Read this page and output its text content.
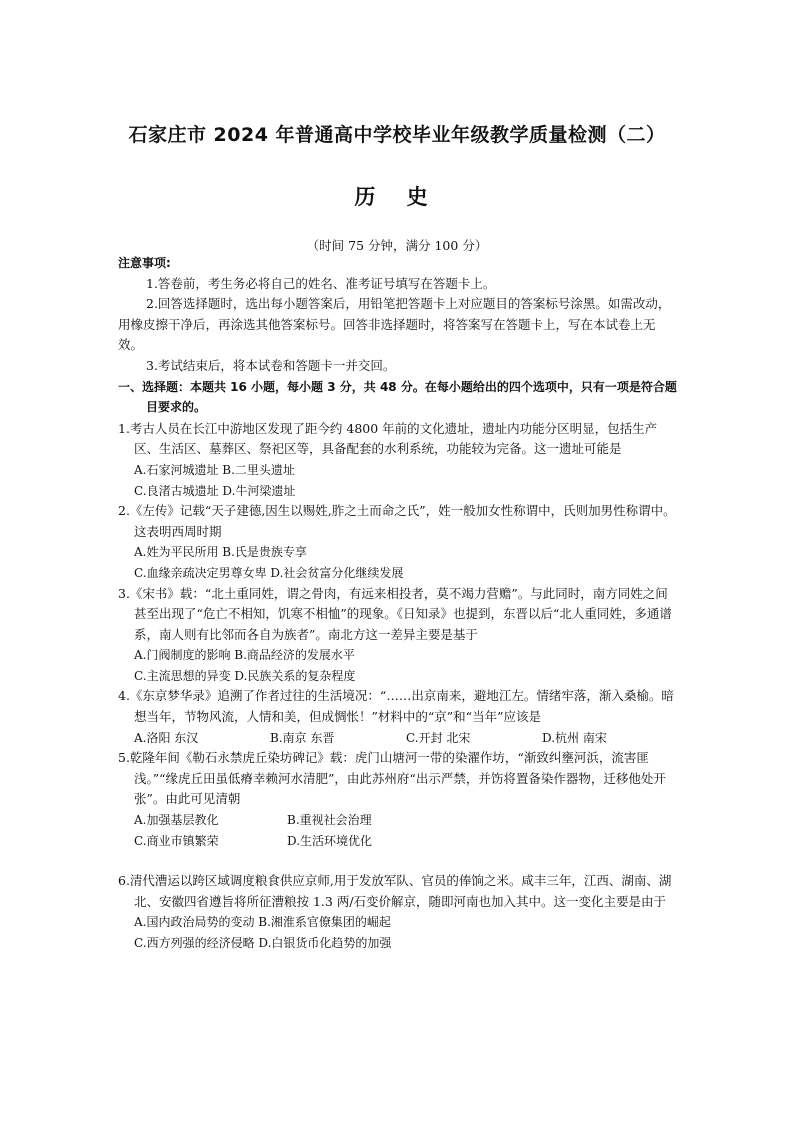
石家庄市 2024 年普通高中学校毕业年级教学质量检测（二）
历 史
（时间 75 分钟，满分 100 分）
注意事项:

1.答卷前，考生务必将自己的姓名、准考证号填写在答题卡上。

2.回答选择题时，选出每小题答案后，用铅笔把答题卡上对应题目的答案标号涂黑。如需改动，用橡皮擦干净后，再涂选其他答案标号。回答非选择题时，将答案写在答题卡上，写在本试卷上无效。

3.考试结束后，将本试卷和答题卡一并交回。

一、选择题：本题共 16 小题，每小题 3 分，共 48 分。在每小题给出的四个选项中，只有一项是符合题目要求的。

1.考古人员在长江中游地区发现了距今约 4800 年前的文化遗址，遗址内功能分区明显，包括生产区、生活区、墓葬区、祭祀区等，具备配套的水利系统，功能较为完备。这一遗址可能是

A.石家河城遗址 B.二里头遗址
C.良渚古城遗址 D.牛河梁遗址

2.《左传》记载“天子建德,因生以赐姓,胙之土而命之氏”，姓一般加女性称谓中，氏则加男性称谓中。这表明西周时期

A.姓为平民所用 B.氏是贵族专享
C.血缘亲疏决定男尊女卑 D.社会贫富分化继续发展

3.《宋书》载：“北土重同姓，谓之骨肉，有远来相投者，莫不竭力营赡”。与此同时，南方同姓之间甚至出现了“危亡不相知，饥寒不相恤”的现象。《日知录》也提到，东晋以后“北人重同姓，多通谱系，南人则有比邻而各自为族者”。南北方这一差异主要是基于

A.门阀制度的影响 B.商品经济的发展水平
C.主流思想的异变 D.民族关系的复杂程度

4.《东京梦华录》追溯了作者过往的生活境况：“……出京南来，避地江左。情绪牢落，渐入桑榆。暗想当年，节物风流，人情和美，但成惆怅！”材料中的“京”和“当年”应该是

A.洛阳 东汉	B.南京 东晋	C.开封 北宋	D.杭州 南宋

5.乾隆年间《勒石永禁虎丘染坊碑记》载：虎门山塘河一带的染濯作坊，“渐致纠壅河浜，流害匪浅。”“缘虎丘田虽低瘠幸赖河水清肥”，由此苏州府“出示严禁，并饬将置备染作器物，迁移他处开张”。由此可见清朝

A.加强基层教化	B.重视社会治理
C.商业市镇繁荣	D.生活环境优化

6.清代漕运以跨区域调度粮食供应京师,用于发放军队、官员的俸饷之米。咸丰三年，江西、湖南、湖北、安徽四省遵旨将所征漕粮按 1.3 两/石变价解京，随即河南也加入其中。这一变化主要是由于

A.国内政治局势的变动 B.湘淮系官僚集团的崛起
C.西方列强的经济侵略 D.白银货币化趋势的加强
